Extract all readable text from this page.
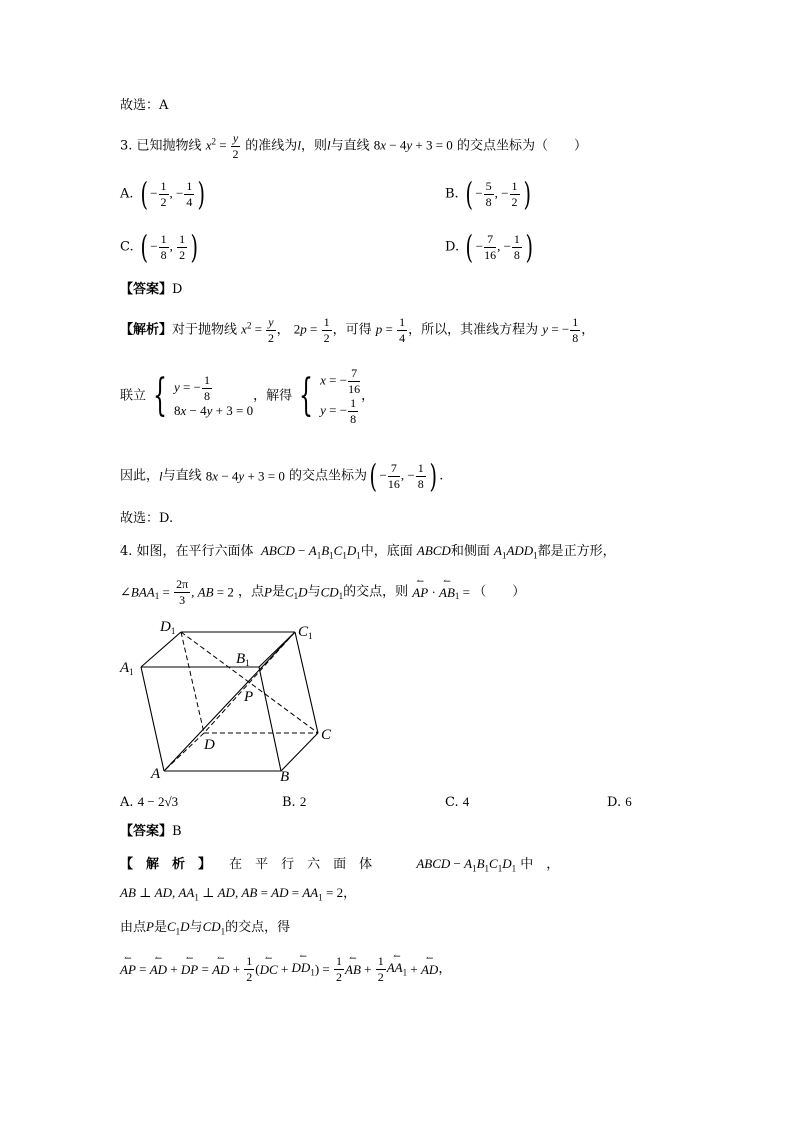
故选：A
3. 已知抛物线 $x^2 = \frac{y}{2}$ 的准线为l，则l与直线 8x − 4y + 3 = 0 的交点坐标为（　　）
A. ( − $\frac{1}{2}$ , − $\frac{1}{4}$ )	B. ( − $\frac{5}{8}$ , − $\frac{1}{2}$ )
C. ( − $\frac{1}{8}$ , $\frac{1}{2}$ )	D. ( − $\frac{7}{16}$ , − $\frac{1}{8}$ )
【答案】D
【解析】对于抛物线 $x^2 = \frac{y}{2}$ ， $2p = \frac{1}{2}$ ，可得 $p = \frac{1}{4}$ ，所以，其准线方程为 y = − $\frac{1}{8}$ ，
联立 { y = − $\frac{1}{8}$
8x − 4y + 3 = 0
，解得 { x = − $\frac{7}{16}$
y = − $\frac{1}{8}$
，
因此，l与直线 8x − 4y + 3 = 0 的交点坐标为( − $\frac{7}{16}$ , − $\frac{1}{8}$ ) .
故选：D.
4. 如图，在平行六面体  ABCD − $A_1B_1C_1D_1$中，底面 ABCD和侧面 $A_1ADD_1$都是正方形，
$\angle BAA_1 = \frac{2\pi}{3}$ , AB = 2 ，点P是$C_1D$与$CD_1$的交点，则 ↼ AP · ↼ $AB_1$ = （　　）
$D_1$	$C_1$
$A_1$
$B_1$
P
D
C
A	B
A. 4 − 2√3	B. 2	C. 4	D. 6
【答案】B
【　解　析　】 在　平　行　六　面　体	ABCD − $A_1B_1C_1D_1$ 中　，
AB ⊥ AD, $AA_1$ ⊥ AD, AB = AD = $AA_1 = 2$，
由点P是$C_1D$与$CD_1$的交点，得
↼ AP = ↼ AD + ↼ DP = ↼ AD + $\frac{1}{2}$ (↼ DC + ↼ $DD_1) = \frac{1}{2}$ ↼ AB + $\frac{1}{2}$ ↼ $AA_1$ + ↼ AD，
